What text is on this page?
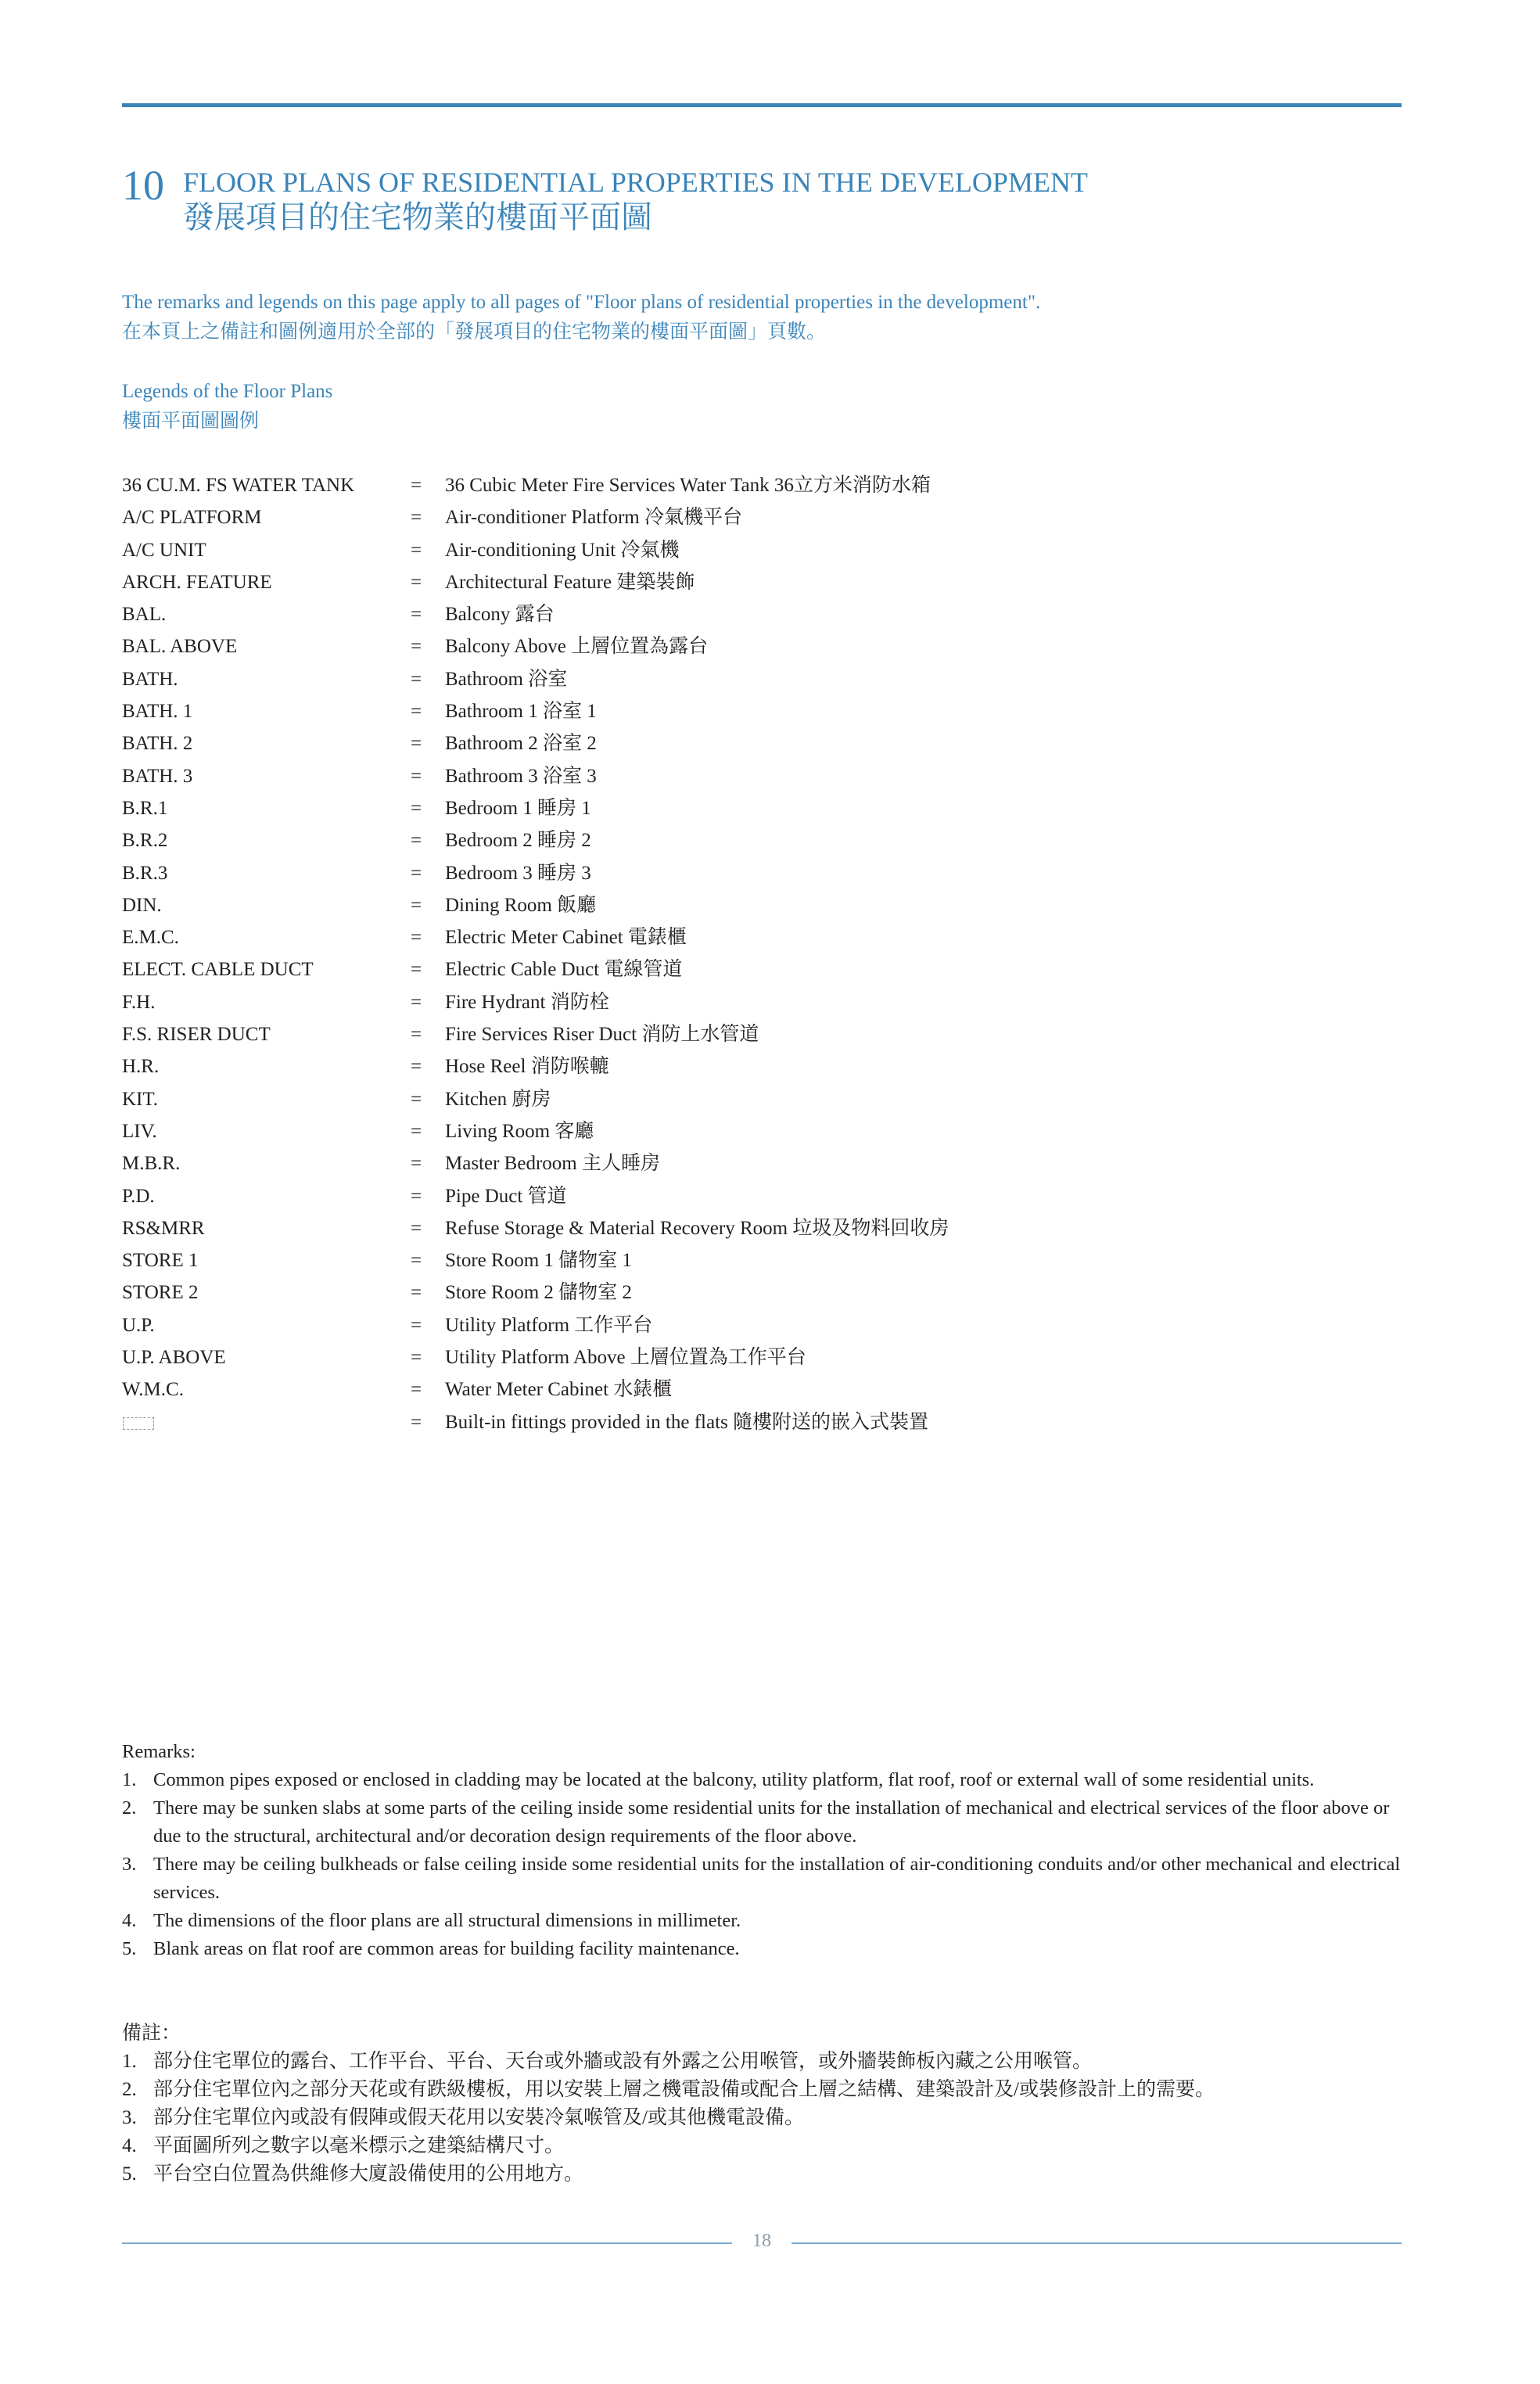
10 FLOOR PLANS OF RESIDENTIAL PROPERTIES IN THE DEVELOPMENT
發展項目的住宅物業的樓面平面圖
The remarks and legends on this page apply to all pages of "Floor plans of residential properties in the development".
在本頁上之備註和圖例適用於全部的「發展項目的住宅物業的樓面平面圖」頁數。
Legends of the Floor Plans
樓面平面圖圖例
36 CU.M. FS WATER TANK	= 36 Cubic Meter Fire Services Water Tank 36立方米消防水箱
A/C PLATFORM	= Air-conditioner Platform 冷氣機平台
A/C UNIT	= Air-conditioning Unit 冷氣機
ARCH. FEATURE	= Architectural Feature 建築裝飾
BAL.	= Balcony 露台
BAL. ABOVE	= Balcony Above 上層位置為露台
BATH.	= Bathroom 浴室
BATH. 1	= Bathroom 1 浴室 1
BATH. 2	= Bathroom 2 浴室 2
BATH. 3	= Bathroom 3 浴室 3
B.R.1	= Bedroom 1 睡房 1
B.R.2	= Bedroom 2 睡房 2
B.R.3	= Bedroom 3 睡房 3
DIN.	= Dining Room 飯廳
E.M.C.	= Electric Meter Cabinet 電錶櫃
ELECT. CABLE DUCT	= Electric Cable Duct 電線管道
F.H.	= Fire Hydrant 消防栓
F.S. RISER DUCT	= Fire Services Riser Duct 消防上水管道
H.R.	= Hose Reel 消防喉轆
KIT.	= Kitchen 廚房
LIV.	= Living Room 客廳
M.B.R.	= Master Bedroom 主人睡房
P.D.	= Pipe Duct 管道
RS&MRR	= Refuse Storage & Material Recovery Room 垃圾及物料回收房
STORE 1	= Store Room 1 儲物室 1
STORE 2	= Store Room 2 儲物室 2
U.P.	= Utility Platform 工作平台
U.P. ABOVE	= Utility Platform Above 上層位置為工作平台
W.M.C.	= Water Meter Cabinet 水錶櫃
= Built-in fittings provided in the flats 隨樓附送的嵌入式裝置

Remarks:

1. Common pipes exposed or enclosed in cladding may be located at the balcony, utility platform, flat roof, roof or external wall of some residential units.
2. There may be sunken slabs at some parts of the ceiling inside some residential units for the installation of mechanical and electrical services of the floor above or due to the structural, architectural and/or decoration design requirements of the floor above.
3. There may be ceiling bulkheads or false ceiling inside some residential units for the installation of air-conditioning conduits and/or other mechanical and electrical services.
4. The dimensions of the floor plans are all structural dimensions in millimeter.
5. Blank areas on flat roof are common areas for building facility maintenance.

備註：

1. 部分住宅單位的露台、工作平台、平台、天台或外牆或設有外露之公用喉管，或外牆裝飾板內藏之公用喉管。
2. 部分住宅單位內之部分天花或有跌級樓板，用以安裝上層之機電設備或配合上層之結構、建築設計及/或裝修設計上的需要。
3. 部分住宅單位內或設有假陣或假天花用以安裝冷氣喉管及/或其他機電設備。
4. 平面圖所列之數字以毫米標示之建築結構尺寸。
5. 平台空白位置為供維修大廈設備使用的公用地方。
18
